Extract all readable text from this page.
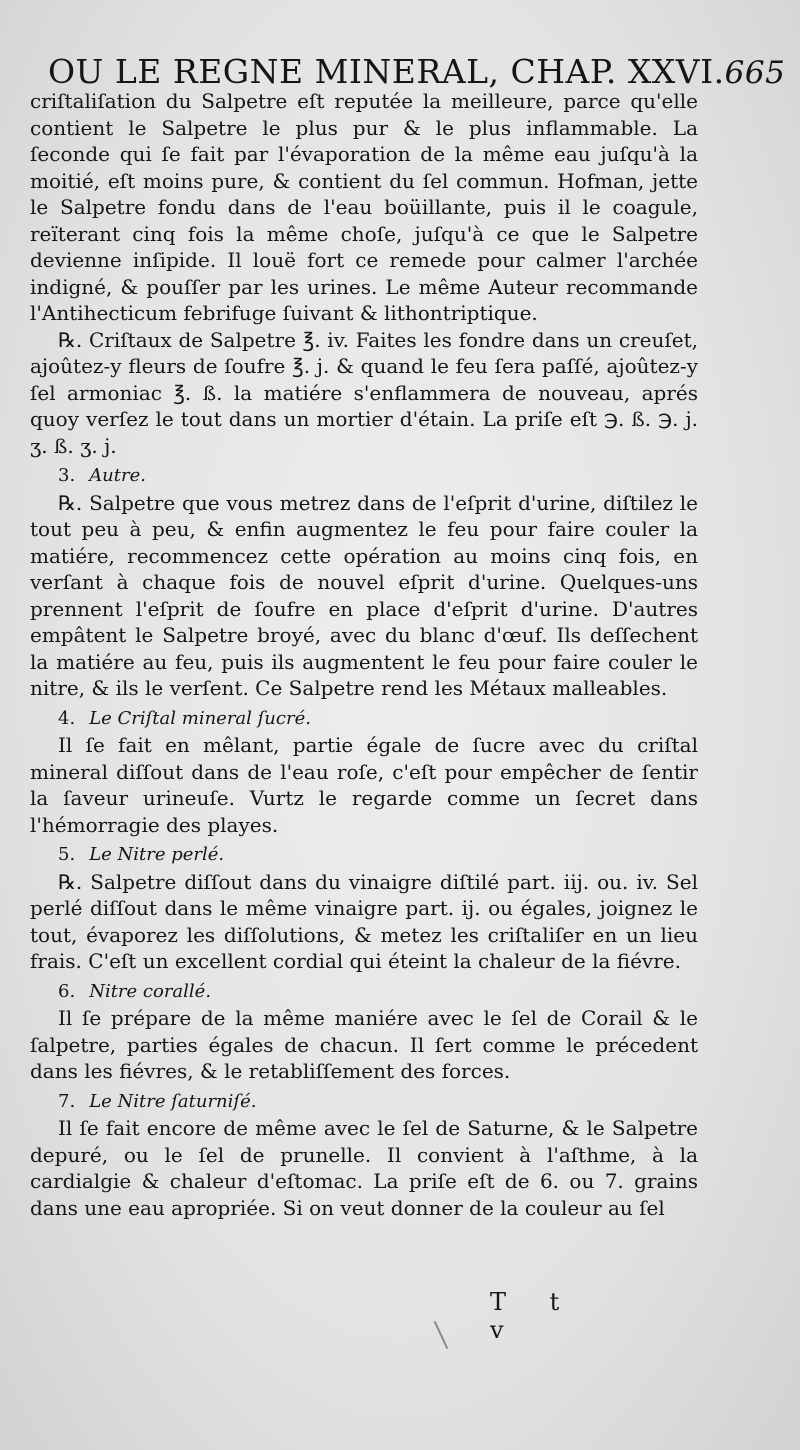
OU LE REGNE MINERAL, CHAP. XXVI. 665

criſtaliſation du Salpetre eſt reputée la meilleure, parce qu'elle contient le Salpetre le plus pur & le plus inflammable. La ſeconde qui ſe fait par l'évaporation de la même eau juſqu'à la moitié, eſt moins pure, & contient du ſel commun. Hofman, jette le Salpetre fondu dans de l'eau boüillante, puis il le coagule, reïterant cinq fois la même choſe, juſqu'à ce que le Salpetre devienne inſipide. Il louë fort ce remede pour calmer l'archée indigné, & pouſſer par les urines. Le même Auteur recommande l'Antihecticum febrifuge ſuivant & lithontriptique.

℞. Criſtaux de Salpetre ℥. iv. Faites les fondre dans un creuſet, ajoûtez-y fleurs de ſoufre ℥. j. & quand le feu ſera paſſé, ajoûtez-y ſel armoniac ℥. ß. la matiére s'enflammera de nouveau, aprés quoy verſez le tout dans un mortier d'étain. La priſe eſt ℈. ß. ℈. j. ʒ. ß. ʒ. j.

3. Autre.

℞. Salpetre que vous metrez dans de l'eſprit d'urine, diſtilez le tout peu à peu, & enfin augmentez le feu pour faire couler la matiére, recommencez cette opération au moins cinq fois, en verſant à chaque fois de nouvel eſprit d'urine. Quelques-uns prennent l'eſprit de ſoufre en place d'eſprit d'urine. D'autres empâtent le Salpetre broyé, avec du blanc d'œuf. Ils deſſechent la matiére au feu, puis ils augmentent le feu pour faire couler le nitre, & ils le verſent. Ce Salpetre rend les Métaux malleables.

4. Le Criſtal mineral ſucré.

Il ſe fait en mêlant, partie égale de ſucre avec du criſtal mineral diſſout dans de l'eau roſe, c'eſt pour empêcher de ſentir la ſaveur urineuſe. Vurtz le regarde comme un ſecret dans l'hémorragie des playes.

5. Le Nitre perlé.

℞. Salpetre diſſout dans du vinaigre diſtilé part. iij. ou. iv. Sel perlé diſſout dans le même vinaigre part. ij. ou égales, joignez le tout, évaporez les diſſolutions, & metez les criſtaliſer en un lieu frais. C'eſt un excellent cordial qui éteint la chaleur de la fiévre.

6. Nitre corallé.

Il ſe prépare de la même maniére avec le ſel de Corail & le ſalpetre, parties égales de chacun. Il ſert comme le précedent dans les fiévres, & le retabliſſement des forces.

7. Le Nitre ſaturniſé.

Il ſe fait encore de même avec le ſel de Saturne, & le Salpetre depuré, ou le ſel de prunelle. Il convient à l'aſthme, à la cardialgie & chaleur d'eſtomac. La priſe eſt de 6. ou 7. grains dans une eau apropriée. Si on veut donner de la couleur au ſel

T t v
